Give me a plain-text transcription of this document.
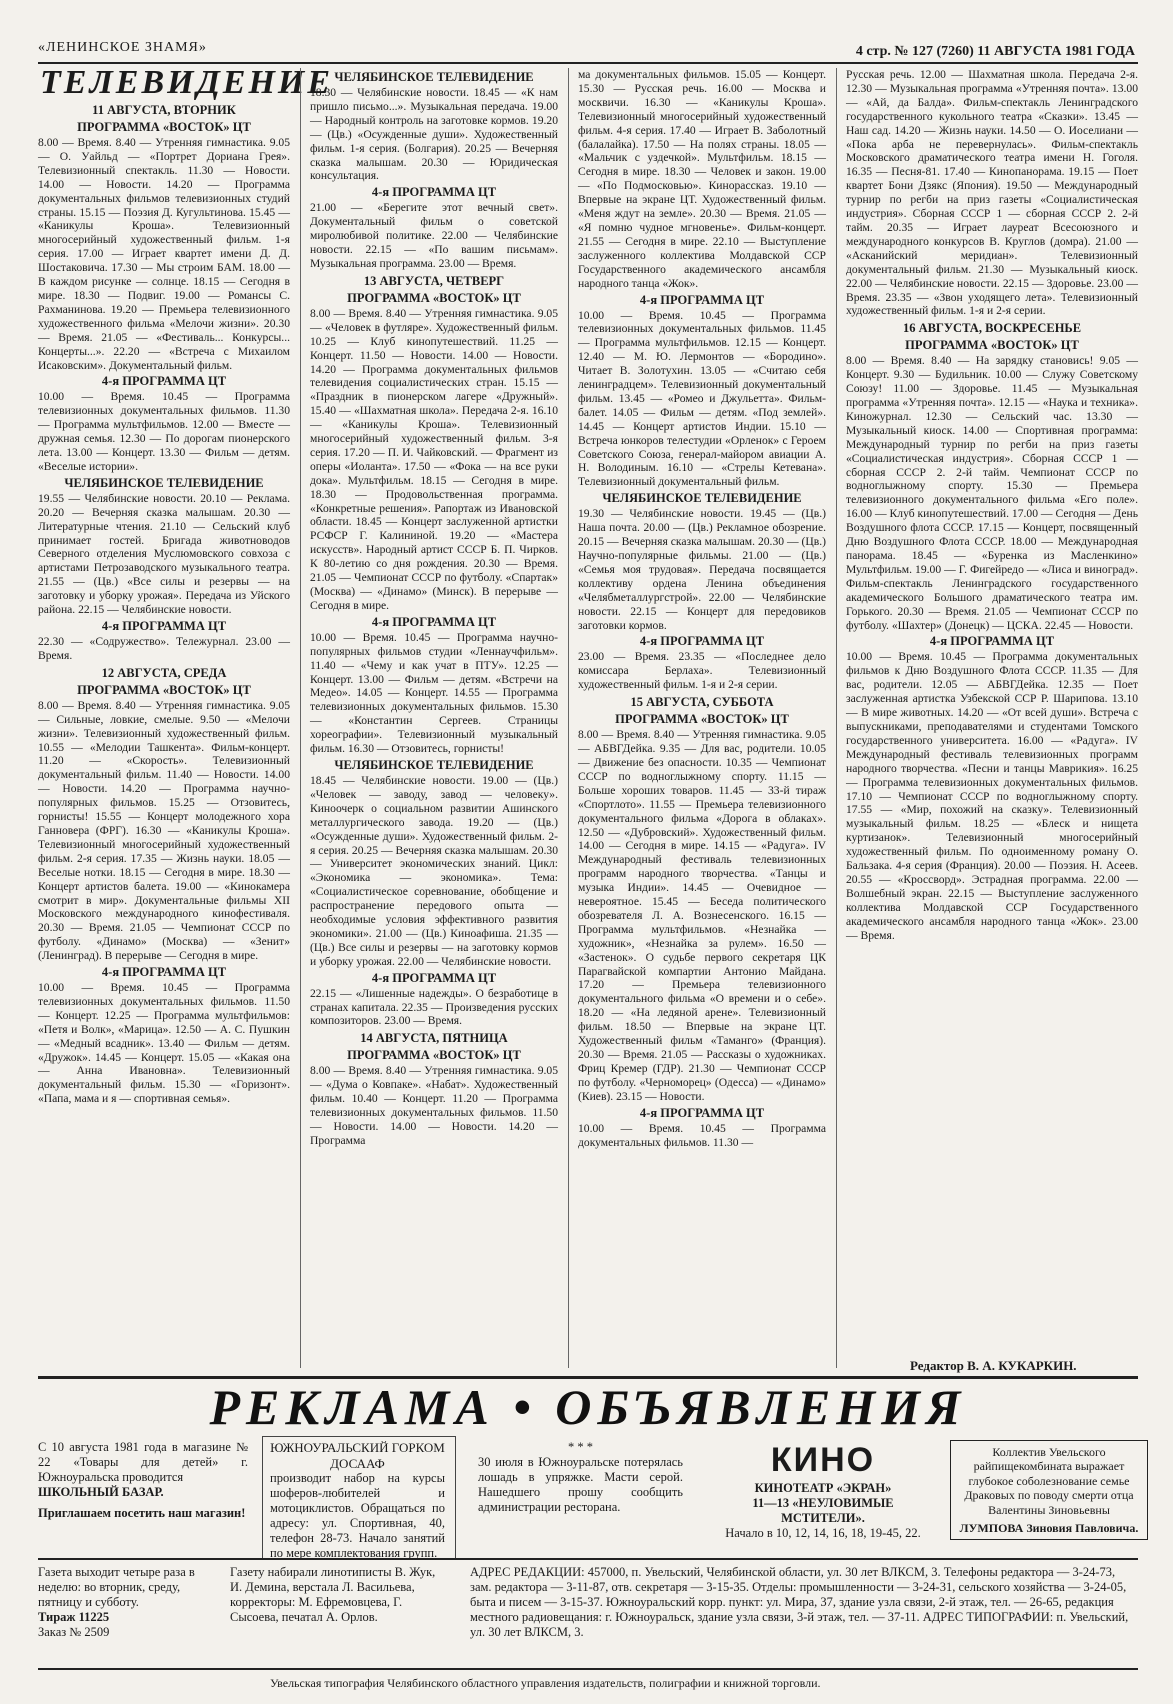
«ЛЕНИНСКОЕ ЗНАМЯ»	4 стр. № 127 (7260) 11 АВГУСТА 1981 ГОДА
ТЕЛЕВИДЕНИЕ
11 АВГУСТА, ВТОРНИК
ПРОГРАММА «ВОСТОК» ЦТ

8.00 — Время. 8.40 — Утренняя гимнастика. 9.05 — О. Уайльд — «Портрет Дориана Грея». Телевизионный спектакль. 11.30 — Новости. 14.00 — Новости. 14.20 — Программа документальных фильмов телевизионных студий страны. 15.15 — Поэзия Д. Кугультинова. 15.45 — «Каникулы Кроша». Телевизионный многосерийный художественный фильм. 1-я серия. 17.00 — Играет квартет имени Д. Д. Шостаковича. 17.30 — Мы строим БАМ. 18.00 — В каждом рисунке — солнце. 18.15 — Сегодня в мире. 18.30 — Подвиг. 19.00 — Романсы С. Рахманинова. 19.20 — Премьера телевизионного художественного фильма «Мелочи жизни». 20.30 — Время. 21.05 — «Фестиваль... Конкурсы... Концерты...». 22.20 — «Встреча с Михаилом Исаковским». Документальный фильм.

4-я ПРОГРАММА ЦТ

10.00 — Время. 10.45 — Программа телевизионных документальных фильмов. 11.30 — Программа мультфильмов. 12.00 — Вместе — дружная семья. 12.30 — По дорогам пионерского лета. 13.00 — Концерт. 13.30 — Фильм — детям. «Веселые истории».

ЧЕЛЯБИНСКОЕ ТЕЛЕВИДЕНИЕ

19.55 — Челябинские новости. 20.10 — Реклама. 20.20 — Вечерняя сказка малышам. 20.30 — Литературные чтения. 21.10 — Сельский клуб принимает гостей. Бригада животноводов Северного отделения Муслюмовского совхоза с артистами Петрозаводского музыкального театра. 21.55 — (Цв.) «Все силы и резервы — на заготовку и уборку урожая». Передача из Уйского района. 22.15 — Челябинские новости.

4-я ПРОГРАММА ЦТ

22.30 — «Содружество». Тележурнал. 23.00 — Время.

12 АВГУСТА, СРЕДА
ПРОГРАММА «ВОСТОК» ЦТ

8.00 — Время. 8.40 — Утренняя гимнастика. 9.05 — Сильные, ловкие, смелые. 9.50 — «Мелочи жизни». Телевизионный художественный фильм. 10.55 — «Мелодии Ташкента». Фильм-концерт. 11.20 — «Скорость». Телевизионный документальный фильм. 11.40 — Новости. 14.00 — Новости. 14.20 — Программа научно-популярных фильмов. 15.25 — Отзовитесь, горнисты! 15.55 — Концерт молодежного хора Ганновера (ФРГ). 16.30 — «Каникулы Кроша». Телевизионный многосерийный художественный фильм. 2-я серия. 17.35 — Жизнь науки. 18.05 — Веселые нотки. 18.15 — Сегодня в мире. 18.30 — Концерт артистов балета. 19.00 — «Кинокамера смотрит в мир». Документальные фильмы XII Московского международного кинофестиваля. 20.30 — Время. 21.05 — Чемпионат СССР по футболу. «Динамо» (Москва) — «Зенит» (Ленинград). В перерыве — Сегодня в мире.

4-я ПРОГРАММА ЦТ

10.00 — Время. 10.45 — Программа телевизионных документальных фильмов. 11.50 — Концерт. 12.25 — Программа мультфильмов: «Петя и Волк», «Марица». 12.50 — А. С. Пушкин — «Медный всадник». 13.40 — Фильм — детям. «Дружок». 14.45 — Концерт. 15.05 — «Какая она — Анна Ивановна». Телевизионный документальный фильм. 15.30 — «Горизонт». «Папа, мама и я — спортивная семья».

ЧЕЛЯБИНСКОЕ ТЕЛЕВИДЕНИЕ

18.30 — Челябинские новости. 18.45 — «К нам пришло письмо...». Музыкальная передача. 19.00 — Народный контроль на заготовке кормов. 19.20 — (Цв.) «Осужденные души». Художественный фильм. 1-я серия. (Болгария). 20.25 — Вечерняя сказка малышам. 20.30 — Юридическая консультация.

4-я ПРОГРАММА ЦТ

21.00 — «Берегите этот вечный свет». Документальный фильм о советской миролюбивой политике. 22.00 — Челябинские новости. 22.15 — «По вашим письмам». Музыкальная программа. 23.00 — Время.

13 АВГУСТА, ЧЕТВЕРГ
ПРОГРАММА «ВОСТОК» ЦТ

8.00 — Время. 8.40 — Утренняя гимнастика. 9.05 — «Человек в футляре». Художественный фильм. 10.25 — Клуб кинопутешествий. 11.25 — Концерт. 11.50 — Новости. 14.00 — Новости. 14.20 — Программа документальных фильмов телевидения социалистических стран. 15.15 — «Праздник в пионерском лагере «Дружный». 15.40 — «Шахматная школа». Передача 2-я. 16.10 — «Каникулы Кроша». Телевизионный многосерийный художественный фильм. 3-я серия. 17.20 — П. И. Чайковский. — Фрагмент из оперы «Иоланта». 17.50 — «Фока — на все руки дока». Мультфильм. 18.15 — Сегодня в мире. 18.30 — Продовольственная программа. «Конкретные решения». Рапортаж из Ивановской области. 18.45 — Концерт заслуженной артистки РСФСР Г. Калининой. 19.20 — «Мастера искусств». Народный артист СССР Б. П. Чирков. К 80-летию со дня рождения. 20.30 — Время. 21.05 — Чемпионат СССР по футболу. «Спартак» (Москва) — «Динамо» (Минск). В перерыве — Сегодня в мире.

4-я ПРОГРАММА ЦТ

10.00 — Время. 10.45 — Программа научно-популярных фильмов студии «Леннаучфильм». 11.40 — «Чему и как учат в ПТУ». 12.25 — Концерт. 13.00 — Фильм — детям. «Встречи на Медео». 14.05 — Концерт. 14.55 — Программа телевизионных документальных фильмов. 15.30 — «Константин Сергеев. Страницы хореографии». Телевизионный музыкальный фильм. 16.30 — Отзовитесь, горнисты!

ЧЕЛЯБИНСКОЕ ТЕЛЕВИДЕНИЕ

18.45 — Челябинские новости. 19.00 — (Цв.) «Человек — заводу, завод — человеку». Киноочерк о социальном развитии Ашинского металлургического завода. 19.20 — (Цв.) «Осужденные души». Художественный фильм. 2-я серия. 20.25 — Вечерняя сказка малышам. 20.30 — Университет экономических знаний. Цикл: «Экономика — экономика». Тема: «Социалистическое соревнование, обобщение и распространение передового опыта — необходимые условия эффективного развития экономики». 21.00 — (Цв.) Киноафиша. 21.35 — (Цв.) Все силы и резервы — на заготовку кормов и уборку урожая. 22.00 — Челябинские новости.

4-я ПРОГРАММА ЦТ

22.15 — «Лишенные надежды». О безработице в странах капитала. 22.35 — Произведения русских композиторов. 23.00 — Время.

14 АВГУСТА, ПЯТНИЦА
ПРОГРАММА «ВОСТОК» ЦТ

8.00 — Время. 8.40 — Утренняя гимнастика. 9.05 — «Дума о Ковпаке». «Набат». Художественный фильм. 10.40 — Концерт. 11.20 — Программа телевизионных документальных фильмов. 11.50 — Новости. 14.00 — Новости. 14.20 — Программа

ма документальных фильмов. 15.05 — Концерт. 15.30 — Русская речь. 16.00 — Москва и москвичи. 16.30 — «Каникулы Кроша». Телевизионный многосерийный художественный фильм. 4-я серия. 17.40 — Играет В. Заболотный (балалайка). 17.50 — На полях страны. 18.05 — «Мальчик с уздечкой». Мультфильм. 18.15 — Сегодня в мире. 18.30 — Человек и закон. 19.00 — «По Подмосковью». Кинорассказ. 19.10 — Впервые на экране ЦТ. Художественный фильм. «Меня ждут на земле». 20.30 — Время. 21.05 — «Я помню чудное мгновенье». Фильм-концерт. 21.55 — Сегодня в мире. 22.10 — Выступление заслуженного коллектива Молдавской ССР Государственного академического ансамбля народного танца «Жок».

4-я ПРОГРАММА ЦТ

10.00 — Время. 10.45 — Программа телевизионных документальных фильмов. 11.45 — Программа мультфильмов. 12.15 — Концерт. 12.40 — М. Ю. Лермонтов — «Бородино». Читает В. Золотухин. 13.05 — «Считаю себя ленинградцем». Телевизионный документальный фильм. 13.45 — «Ромео и Джульетта». Фильм-балет. 14.05 — Фильм — детям. «Под землей». 14.45 — Концерт артистов Индии. 15.10 — Встреча юнкоров телестудии «Орленок» с Героем Советского Союза, генерал-майором авиации А. Н. Володиным. 16.10 — «Стрелы Кетевана». Телевизионный документальный фильм.

ЧЕЛЯБИНСКОЕ ТЕЛЕВИДЕНИЕ

19.30 — Челябинские новости. 19.45 — (Цв.) Наша почта. 20.00 — (Цв.) Рекламное обозрение. 20.15 — Вечерняя сказка малышам. 20.30 — (Цв.) Научно-популярные фильмы. 21.00 — (Цв.) «Семья моя трудовая». Передача посвящается коллективу ордена Ленина объединения «Челябметаллургстрой». 22.00 — Челябинские новости. 22.15 — Концерт для передовиков заготовки кормов.

4-я ПРОГРАММА ЦТ

23.00 — Время. 23.35 — «Последнее дело комиссара Берлаха». Телевизионный художественный фильм. 1-я и 2-я серии.

15 АВГУСТА, СУББОТА
ПРОГРАММА «ВОСТОК» ЦТ

8.00 — Время. 8.40 — Утренняя гимнастика. 9.05 — АБВГДейка. 9.35 — Для вас, родители. 10.05 — Движение без опасности. 10.35 — Чемпионат СССР по водноглыжному спорту. 11.15 — Больше хороших товаров. 11.45 — 33-й тираж «Спортлото». 11.55 — Премьера телевизионного документального фильма «Дорога в облаках». 12.50 — «Дубровский». Художественный фильм. 14.00 — Сегодня в мире. 14.15 — «Радуга». IV Международный фестиваль телевизионных программ народного творчества. «Танцы и музыка Индии». 14.45 — Очевидное — невероятное. 15.45 — Беседа политического обозревателя Л. А. Вознесенского. 16.15 — Программа мультфильмов. «Незнайка — художник», «Незнайка за рулем». 16.50 — «Застенок». О судьбе первого секретаря ЦК Парагвайской компартии Антонио Майдана. 17.20 — Премьера телевизионного документального фильма «О времени и о себе». 18.20 — «На ледяной арене». Телевизионный фильм. 18.50 — Впервые на экране ЦТ. Художественный фильм «Таманго» (Франция). 20.30 — Время. 21.05 — Рассказы о художниках. Фриц Кремер (ГДР). 21.30 — Чемпионат СССР по футболу. «Черноморец» (Одесса) — «Динамо» (Киев). 23.15 — Новости.

4-я ПРОГРАММА ЦТ

10.00 — Время. 10.45 — Программа документальных фильмов. 11.30 —

Русская речь. 12.00 — Шахматная школа. Передача 2-я. 12.30 — Музыкальная программа «Утренняя почта». 13.00 — «Ай, да Балда». Фильм-спектакль Ленинградского государственного кукольного театра «Сказки». 13.45 — Наш сад. 14.20 — Жизнь науки. 14.50 — О. Иоселиани — «Пока арба не перевернулась». Фильм-спектакль Московского драматического театра имени Н. Гоголя. 16.35 — Песня-81. 17.40 — Кинопанорама. 19.15 — Поет квартет Бони Дзякс (Япония). 19.50 — Международный турнир по регби на приз газеты «Социалистическая индустрия». Сборная СССР 1 — сборная СССР 2. 2-й тайм. 20.35 — Играет лауреат Всесоюзного и международного конкурсов В. Круглов (домра). 21.00 — «Асканийский меридиан». Телевизионный документальный фильм. 21.30 — Музыкальный киоск. 22.00 — Челябинские новости. 22.15 — Здоровье. 23.00 — Время. 23.35 — «Звон уходящего лета». Телевизионный художественный фильм. 1-я и 2-я серии.

16 АВГУСТА, ВОСКРЕСЕНЬЕ
ПРОГРАММА «ВОСТОК» ЦТ

8.00 — Время. 8.40 — На зарядку становись! 9.05 — Концерт. 9.30 — Будильник. 10.00 — Служу Советскому Союзу! 11.00 — Здоровье. 11.45 — Музыкальная программа «Утренняя почта». 12.15 — «Наука и техника». Киножурнал. 12.30 — Сельский час. 13.30 — Музыкальный киоск. 14.00 — Спортивная программа: Международный турнир по регби на приз газеты «Социалистическая индустрия». Сборная СССР 1 — сборная СССР 2. 2-й тайм. Чемпионат СССР по водноглыжному спорту. 15.30 — Премьера телевизионного документального фильма «Его поле». 16.00 — Клуб кинопутешествий. 17.00 — Сегодня — День Воздушного флота СССР. 17.15 — Концерт, посвященный Дню Воздушного Флота СССР. 18.00 — Международная панорама. 18.45 — «Буренка из Масленкино» Мультфильм. 19.00 — Г. Фигейредо — «Лиса и виноград». Фильм-спектакль Ленинградского государственного академического Большого драматического театра им. Горького. 20.30 — Время. 21.05 — Чемпионат СССР по футболу. «Шахтер» (Донецк) — ЦСКА. 22.45 — Новости.

4-я ПРОГРАММА ЦТ

10.00 — Время. 10.45 — Программа документальных фильмов к Дню Воздушного Флота СССР. 11.35 — Для вас, родители. 12.05 — АБВГДейка. 12.35 — Поет заслуженная артистка Узбекской ССР Р. Шарипова. 13.10 — В мире животных. 14.20 — «От всей души». Встреча с выпускниками, преподавателями и студентами Томского государственного университета. 16.00 — «Радуга». IV Международный фестиваль телевизионных программ народного творчества. «Песни и танцы Маврикия». 16.25 — Программа телевизионных документальных фильмов. 17.10 — Чемпионат СССР по водноглыжному спорту. 17.55 — «Мир, похожий на сказку». Телевизионный музыкальный фильм. 18.25 — «Блеск и нищета куртизанок». Телевизионный многосерийный художественный фильм. По одноименному роману О. Бальзака. 4-я серия (Франция). 20.00 — Поэзия. Н. Асеев. 20.55 — «Кроссворд». Эстрадная программа. 22.00 — Волшебный экран. 22.15 — Выступление заслуженного коллектива Молдавской ССР Государственного академического ансамбля народного танца «Жок». 23.00 — Время.

Редактор В. А. КУКАРКИН.
РЕКЛАМА • ОБЪЯВЛЕНИЯ
С 10 августа 1981 года в магазине № 22 «Товары для детей» г. Южноуральска проводится
ШКОЛЬНЫЙ БАЗАР.
Приглашаем посетить наш магазин!
ЮЖНОУРАЛЬСКИЙ ГОРКОМ ДОСААФ
производит набор на курсы шоферов-любителей и мотоциклистов. Обращаться по адресу: ул. Спортивная, 40, телефон 28-73. Начало занятий по мере комплектования групп.
* * *
30 июля в Южноуральске потерялась лошадь в упряжке. Масти серой. Нашедшего прошу сообщить администрации ресторана.
КИНО
КИНОТЕАТР «ЭКРАН»
11—13 «НЕУЛОВИМЫЕ МСТИТЕЛИ».
Начало в 10, 12, 14, 16, 18, 19-45, 22.
Коллектив Увельского райпищекомбината выражает глубокое соболезнование семье Драковых по поводу смерти отца Валентины Зиновьевны
ЛУМПОВА Зиновия Павловича.
Газета выходит четыре раза в неделю: во вторник, среду, пятницу и субботу.
Тираж 11225
Заказ № 2509
Газету набирали линотиписты В. Жук, И. Демина, верстала Л. Васильева, корректоры: М. Ефремовцева, Г. Сысоева, печатал А. Орлов.
АДРЕС РЕДАКЦИИ: 457000, п. Увельский, Челябинской области, ул. 30 лет ВЛКСМ, 3. Телефоны редактора — 3-24-73, зам. редактора — 3-11-87, отв. секретаря — 3-15-35. Отделы: промышленности — 3-24-31, сельского хозяйства — 3-24-05, быта и писем — 3-15-37. Южноуральский корр. пункт: ул. Мира, 37, здание узла связи, 2-й этаж, тел. — 26-65, редакция местного радиовещания: г. Южноуральск, здание узла связи, 3-й этаж, тел. — 37-11. АДРЕС ТИПОГРАФИИ: п. Увельский, ул. 30 лет ВЛКСМ, 3.
Увельская типография Челябинского областного управления издательств, полиграфии и книжной торговли.
